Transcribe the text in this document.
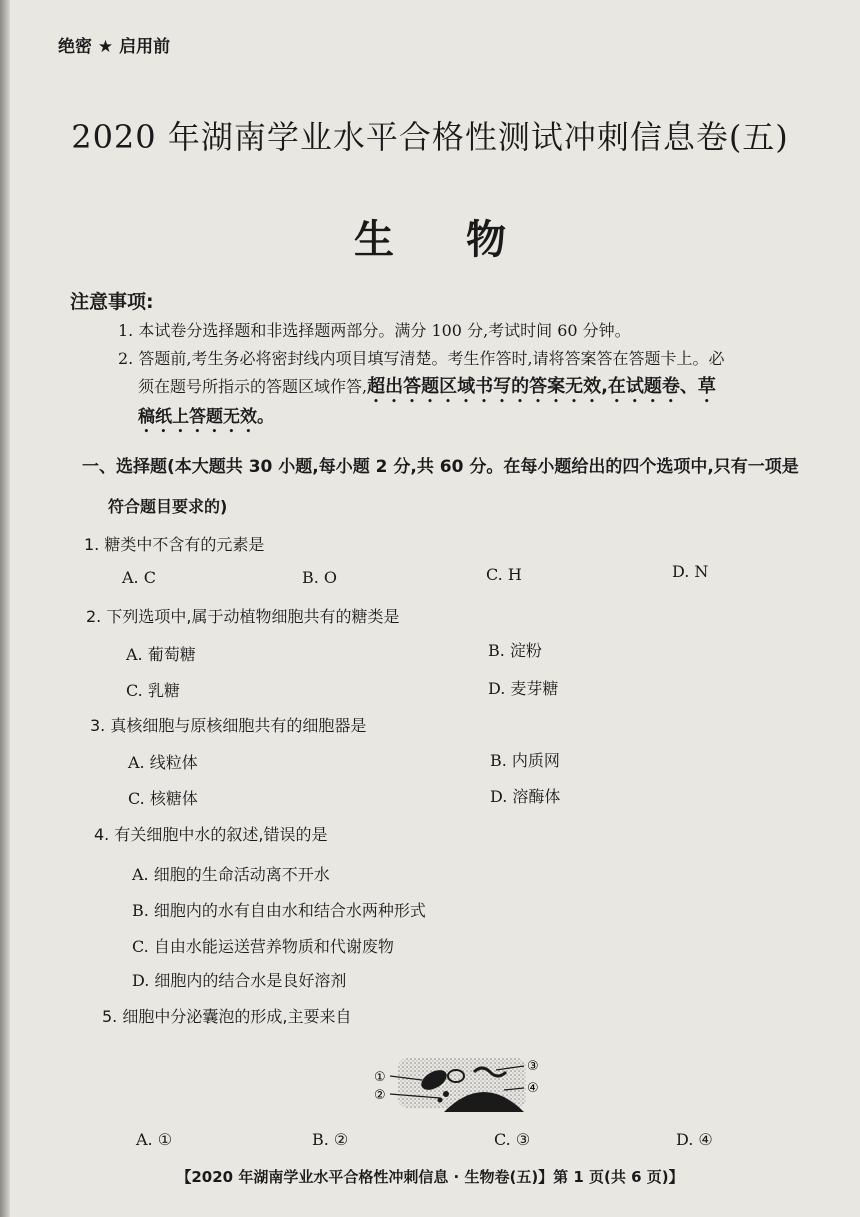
绝密 ★ 启用前
2020 年湖南学业水平合格性测试冲刺信息卷(五)
生物
注意事项:
1. 本试卷分选择题和非选择题两部分。满分 100 分,考试时间 60 分钟。
2. 答题前,考生务必将密封线内项目填写清楚。考生作答时,请将答案答在答题卡上。必
须在题号所指示的答题区域作答,超出答题区域书写的答案无效,在试题卷、草
稿纸上答题无效。
一、选择题(本大题共 30 小题,每小题 2 分,共 60 分。在每小题给出的四个选项中,只有一项是
符合题目要求的)
1. 糖类中不含有的元素是
A. C	B. O	C. H	D. N
2. 下列选项中,属于动植物细胞共有的糖类是
A. 葡萄糖	B. 淀粉
C. 乳糖	D. 麦芽糖
3. 真核细胞与原核细胞共有的细胞器是
A. 线粒体	B. 内质网
C. 核糖体	D. 溶酶体
4. 有关细胞中水的叙述,错误的是
A. 细胞的生命活动离不开水
B. 细胞内的水有自由水和结合水两种形式
C. 自由水能运送营养物质和代谢废物
D. 细胞内的结合水是良好溶剂
5. 细胞中分泌囊泡的形成,主要来自
①
②
③
④
A. ①	B. ②	C. ③	D. ④
【2020 年湖南学业水平合格性冲刺信息 · 生物卷(五)】第 1 页(共 6 页)】
